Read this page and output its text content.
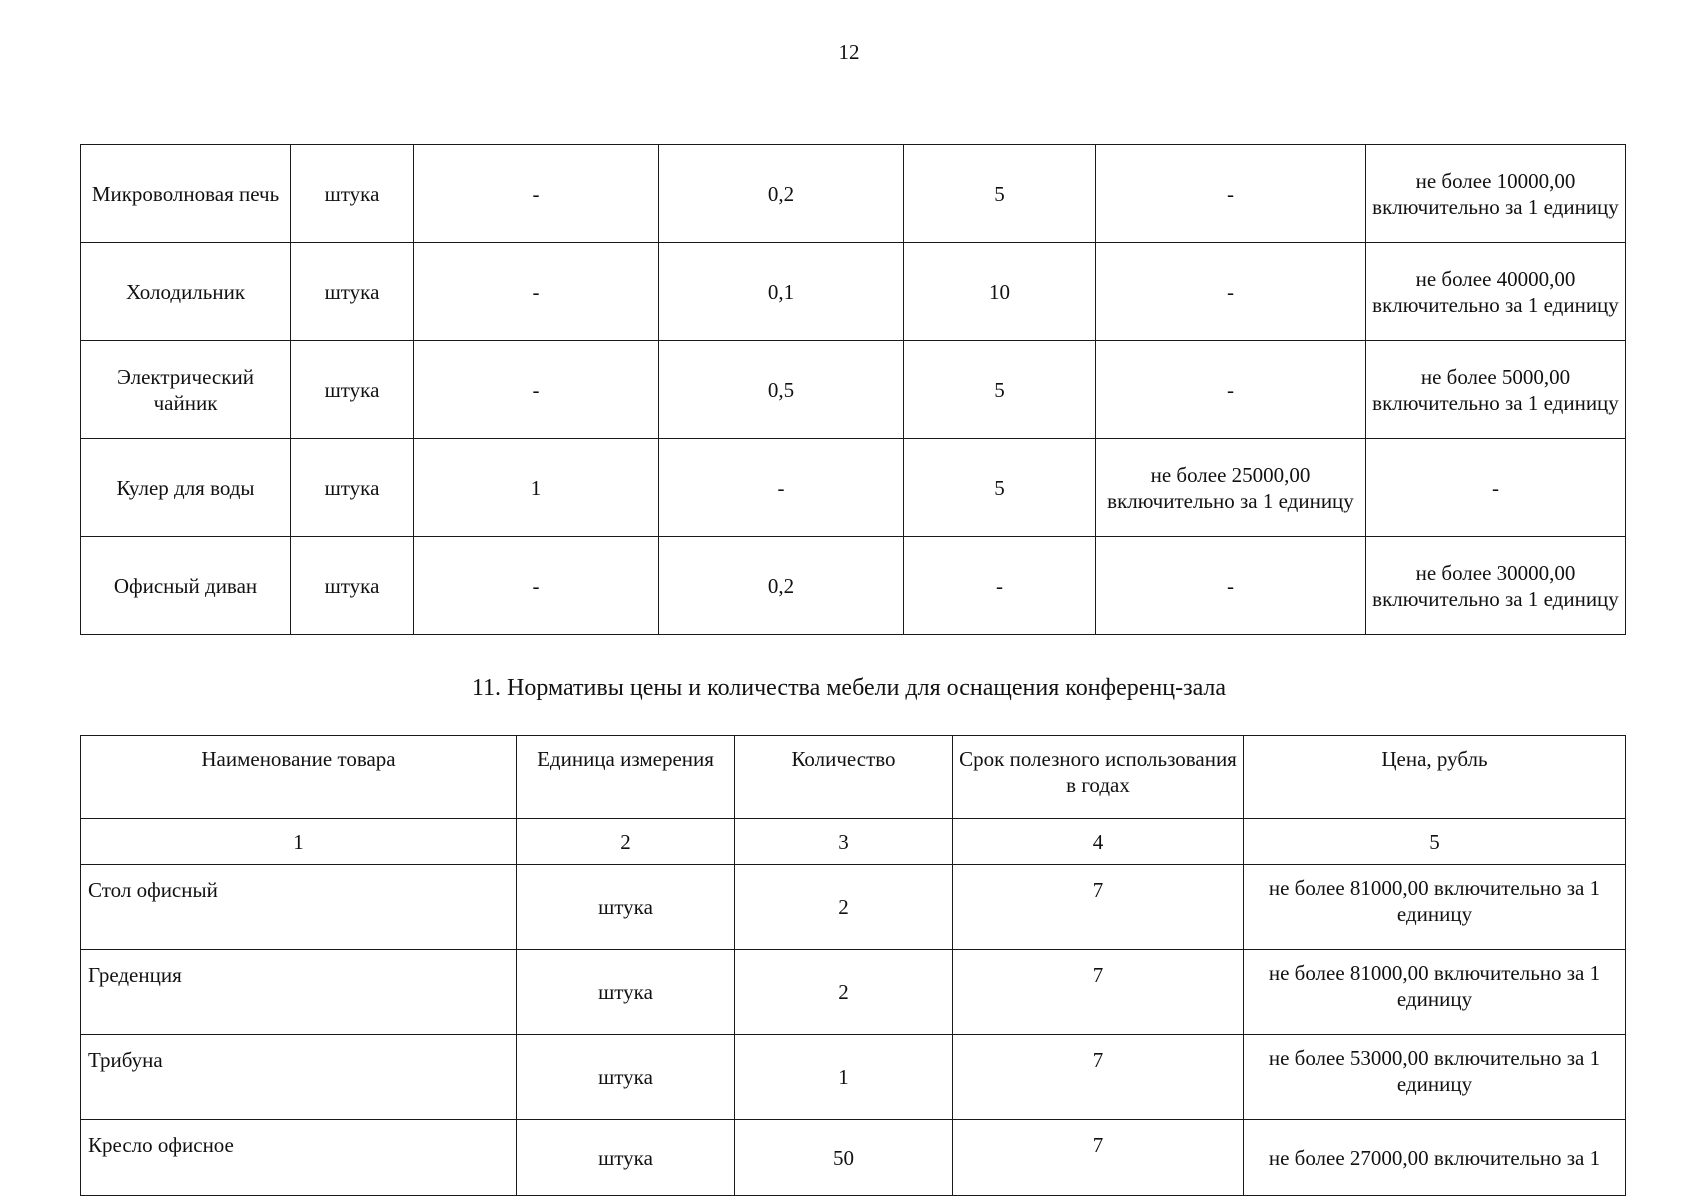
12
Микроволновая печь	штука	-	0,2	5	-	не более 10000,00 включительно за 1 единицу
Холодильник	штука	-	0,1	10	-	не более 40000,00 включительно за 1 единицу
Электрический чайник	штука	-	0,5	5	-	не более 5000,00 включительно за 1 единицу
Кулер для воды	штука	1	-	5	не более 25000,00 включительно за 1 единицу	-
Офисный диван	штука	-	0,2	-	-	не более 30000,00 включительно за 1 единицу
11. Нормативы цены и количества мебели для оснащения конференц-зала
Наименование товара	Единица измерения	Количество	Срок полезного использования в годах	Цена, рубль
1	2	3	4	5
Стол офисный	штука	2	7	не более 81000,00 включительно за 1 единицу
Греденция	штука	2	7	не более 81000,00 включительно за 1 единицу
Трибуна	штука	1	7	не более 53000,00 включительно за 1 единицу
Кресло офисное	штука	50	7	не более 27000,00 включительно за 1
